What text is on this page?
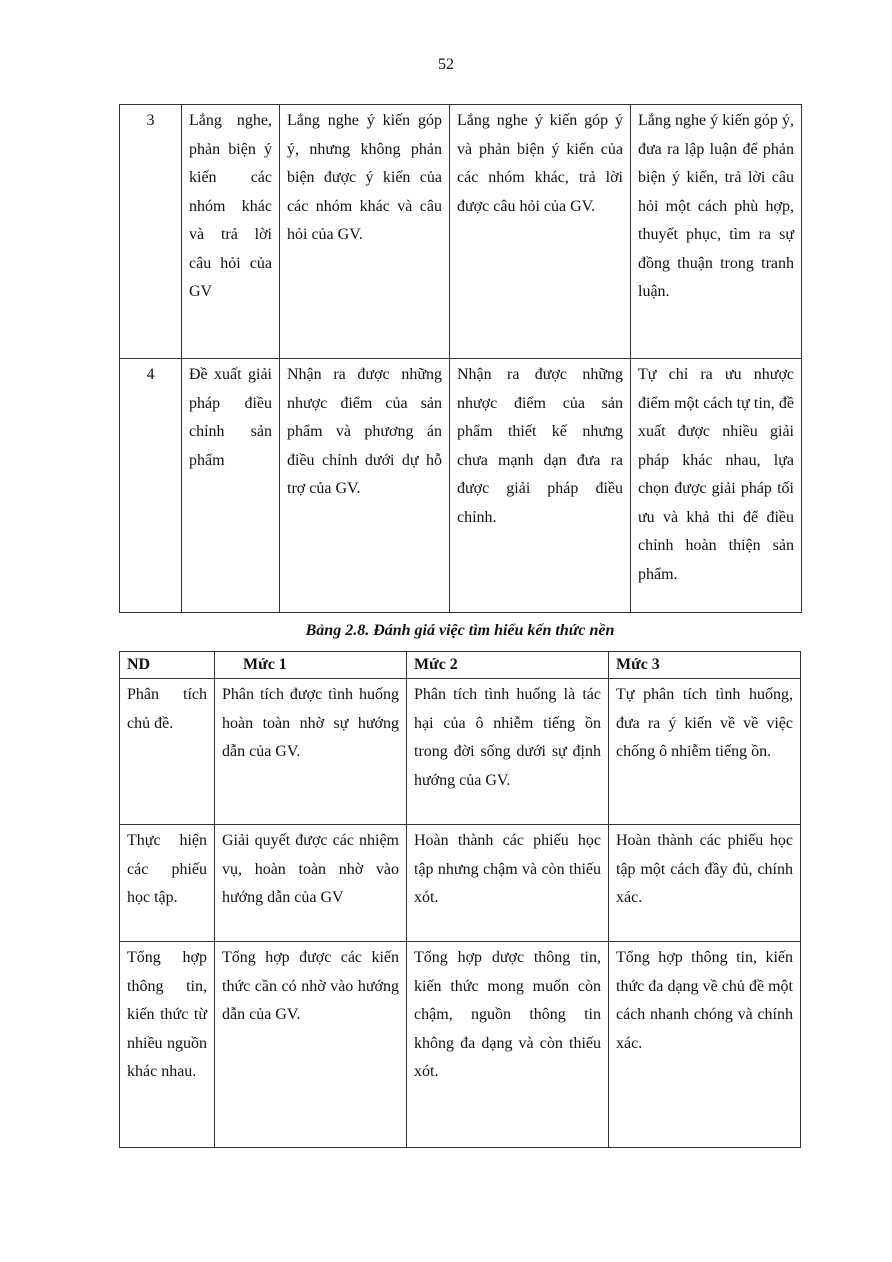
52
3	Lắng nghe, phản biện ý kiến các nhóm khác và trả lời câu hỏi của GV	Lắng nghe ý kiến góp ý, nhưng không phản biện được ý kiến của các nhóm khác và câu hỏi của GV.	Lắng nghe ý kiến góp ý và phản biện ý kiến của các nhóm khác, trả lời được câu hỏi của GV.	Lắng nghe ý kiến góp ý, đưa ra lập luận để phản biện ý kiến, trả lời câu hỏi một cách phù hợp, thuyết phục, tìm ra sự đồng thuận trong tranh luận.
4	Đề xuất giải pháp điều chỉnh sản phẩm	Nhận ra được những nhược điểm của sản phẩm và phương án điều chỉnh dưới dự hỗ trợ của GV.	Nhận ra được những nhược điểm của sản phẩm thiết kế nhưng chưa mạnh dạn đưa ra được giải pháp điều chỉnh.	Tự chỉ ra ưu nhược điểm một cách tự tin, đề xuất được nhiều giải pháp khác nhau, lựa chọn được giải pháp tối ưu và khả thi để điều chỉnh hoàn thiện sản phẩm.
Bảng 2.8. Đánh giá việc tìm hiểu kến thức nền
ND	Mức 1	Mức 2	Mức 3
Phân tích chủ đề.	Phân tích được tình huống hoàn toàn nhờ sự hướng dẫn của GV.	Phân tích tình huống là tác hại của ô nhiễm tiếng ồn trong đời sống dưới sự định hướng của GV.	Tự phân tích tình huống, đưa ra ý kiến về về việc chống ô nhiễm tiếng ồn.
Thực hiện các phiếu học tập.	Giải quyết được các nhiệm vụ, hoàn toàn nhờ vào hướng dẫn của GV	Hoàn thành các phiếu học tập nhưng chậm và còn thiếu xót.	Hoàn thành các phiếu học tập một cách đầy đủ, chính xác.
Tổng hợp thông tin, kiến thức từ nhiều nguồn khác nhau.	Tổng hợp được các kiến thức cần có nhờ vào hướng dẫn của GV.	Tổng hợp dược thông tin, kiến thức mong muốn còn chậm, nguồn thông tin không đa dạng và còn thiếu xót.	Tổng hợp thông tin, kiến thức đa dạng về chủ đề một cách nhanh chóng và chính xác.
